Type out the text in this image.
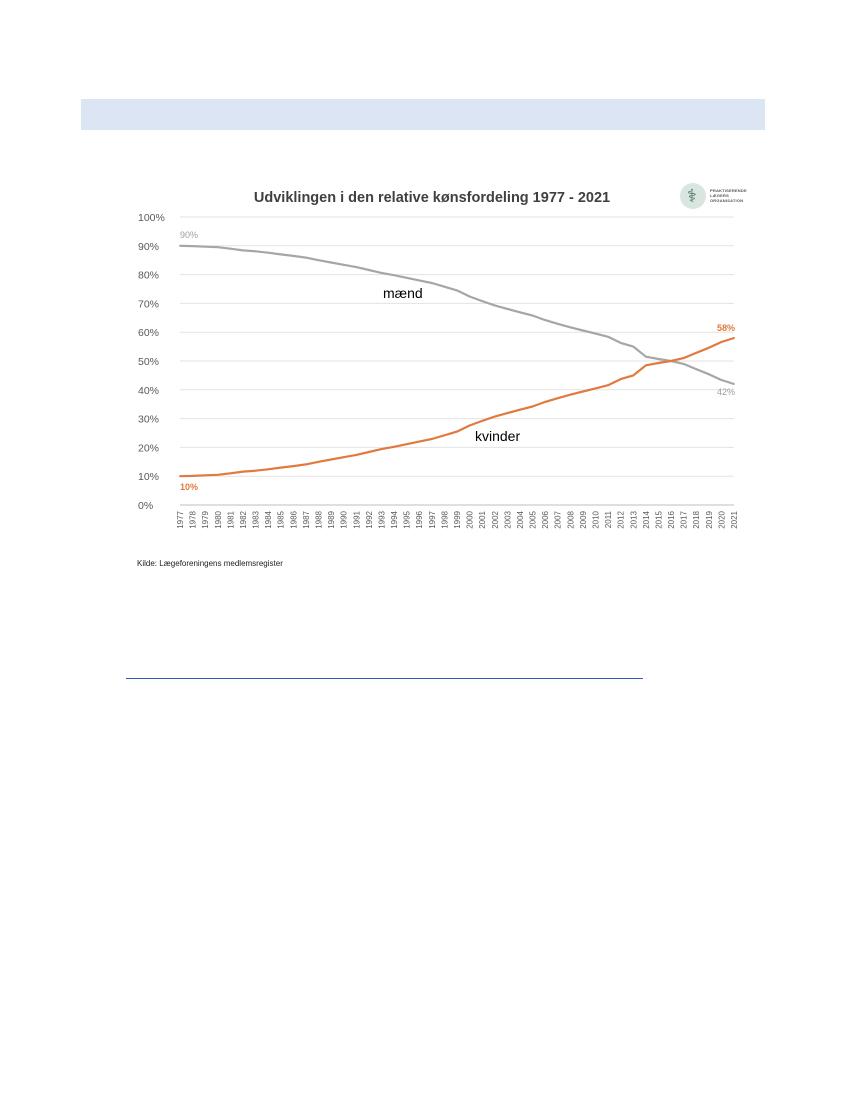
Udviklingen i den relative kønsfordeling 1977 - 2021
0%
10%
20%
30%
40%
50%
60%
70%
80%
90%
100%
1977 1978 1979 1980 1981 1982 1983 1984 1985 1986 1987 1988 1989 1990 1991 1992 1993 1994 1995 1996 1997 1998 1999 2000 2001 2002 2003 2004 2005 2006 2007 2008 2009 2010 2011 2012 2013 2014 2015 2016 2017 2018 2019 2020 2021
90%
42%
10%
58%
mænd
kvinder
⚕	PRAKTISERENDE LÆGERS ORGANISATION
Kilde: Lægeforeningens medlemsregister
